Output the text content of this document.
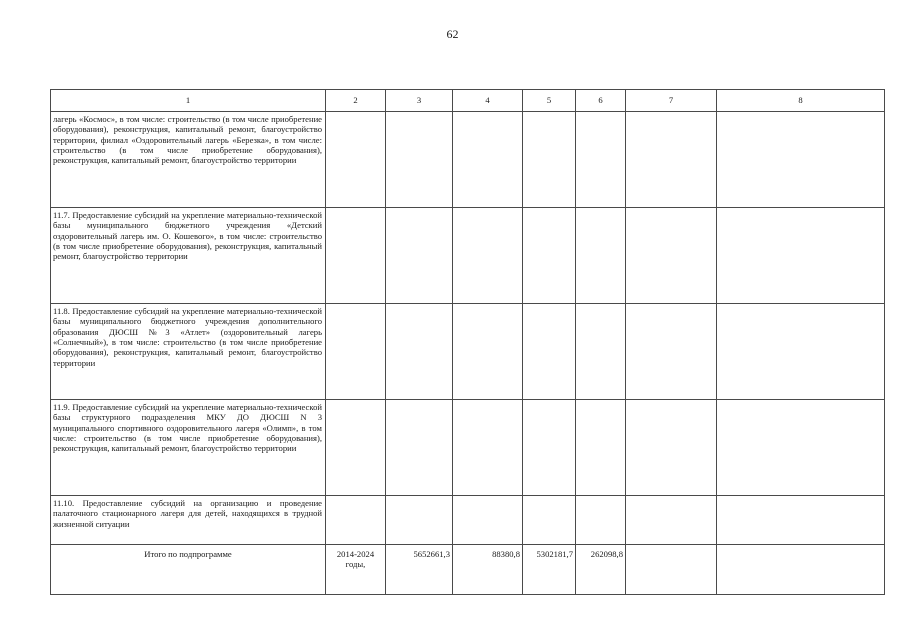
62
1	2	3	4	5	6	7	8

лагерь «Космос», в том числе: строительство (в том числе приобретение оборудования), реконструкция, капитальный ремонт, благоустройство территории, филиал «Оздоровительный лагерь «Березка», в том числе: строительство (в том числе приобретение оборудования), реконструкция, капитальный ремонт, благоустройство территории							

11.7. Предоставление субсидий на укрепление материально-технической базы муниципального бюджетного учреждения «Детский оздоровительный лагерь им. О. Кошевого», в том числе: строительство (в том числе приобретение оборудования), реконструкция, капитальный ремонт, благоустройство территории							

11.8. Предоставление субсидий на укрепление материально-технической базы муниципального бюджетного учреждения дополнительного образования ДЮСШ №3 «Атлет» (оздоровительный лагерь «Солнечный»), в том числе: строительство (в том числе приобретение оборудования), реконструкция, капитальный ремонт, благоустройство территории							

11.9. Предоставление субсидий на укрепление материально-технической базы структурного подразделения МКУ ДО ДЮСШ N 3 муниципального спортивного оздоровительного лагеря «Олимп», в том числе: строительство (в том числе приобретение оборудования), реконструкция, капитальный ремонт, благоустройство территории							

11.10. Предоставление субсидий на организацию и проведение палаточного стационарного лагеря для детей, находящихся в трудной жизненной ситуации							

Итого по подпрограмме	2014-2024 годы,	5652661,3	88380,8	5302181,7	262098,8		
